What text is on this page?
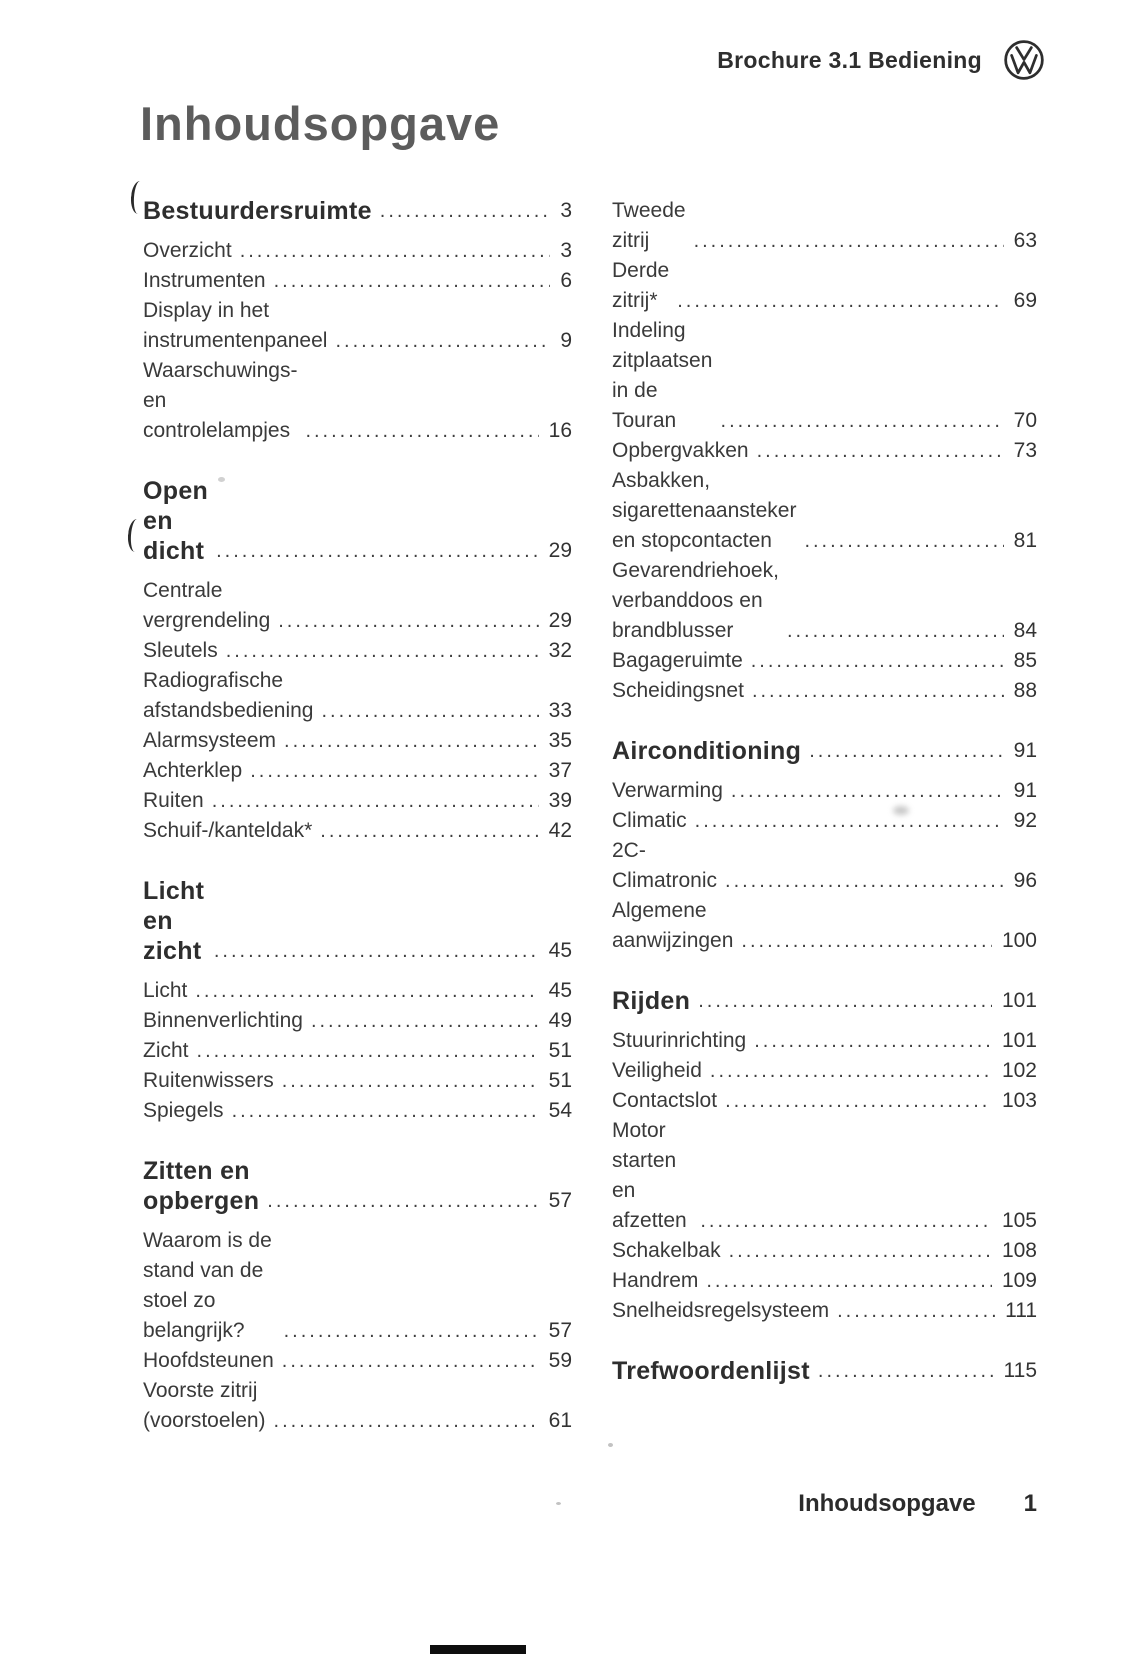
Brochure 3.1 Bediening
Inhoudsopgave
Bestuurdersruimte .....	3
Overzicht .....	3
Instrumenten .....	6
Display in het instrumentenpaneel .....	9
Waarschuwings- en controlelampjes .....	16
Open en dicht .....	29
Centrale vergrendeling .....	29
Sleutels .....	32
Radiografische afstandsbediening .....	33
Alarmsysteem .....	35
Achterklep .....	37
Ruiten .....	39
Schuif-/kanteldak* .....	42
Licht en zicht .....	45
Licht .....	45
Binnenverlichting .....	49
Zicht .....	51
Ruitenwissers .....	51
Spiegels .....	54
Zitten en opbergen .....	57
Waarom is de stand van de stoel zo belangrijk? .....	57
Hoofdsteunen .....	59
Voorste zitrij (voorstoelen) .....	61
Tweede zitrij .....	63
Derde zitrij* .....	69
Indeling zitplaatsen in de Touran .....	70
Opbergvakken .....	73
Asbakken, sigarettenaansteker en stopcontacten .....	81
Gevarendriehoek, verbanddoos en brandblusser .....	84
Bagageruimte .....	85
Scheidingsnet .....	88
Airconditioning .....	91
Verwarming .....	91
Climatic .....	92
2C-Climatronic .....	96
Algemene aanwijzingen .....	100
Rijden .....	101
Stuurinrichting .....	101
Veiligheid .....	102
Contactslot .....	103
Motor starten en afzetten .....	105
Schakelbak .....	108
Handrem .....	109
Snelheidsregelsysteem .....	111
Trefwoordenlijst .....	115
Inhoudsopgave 1
